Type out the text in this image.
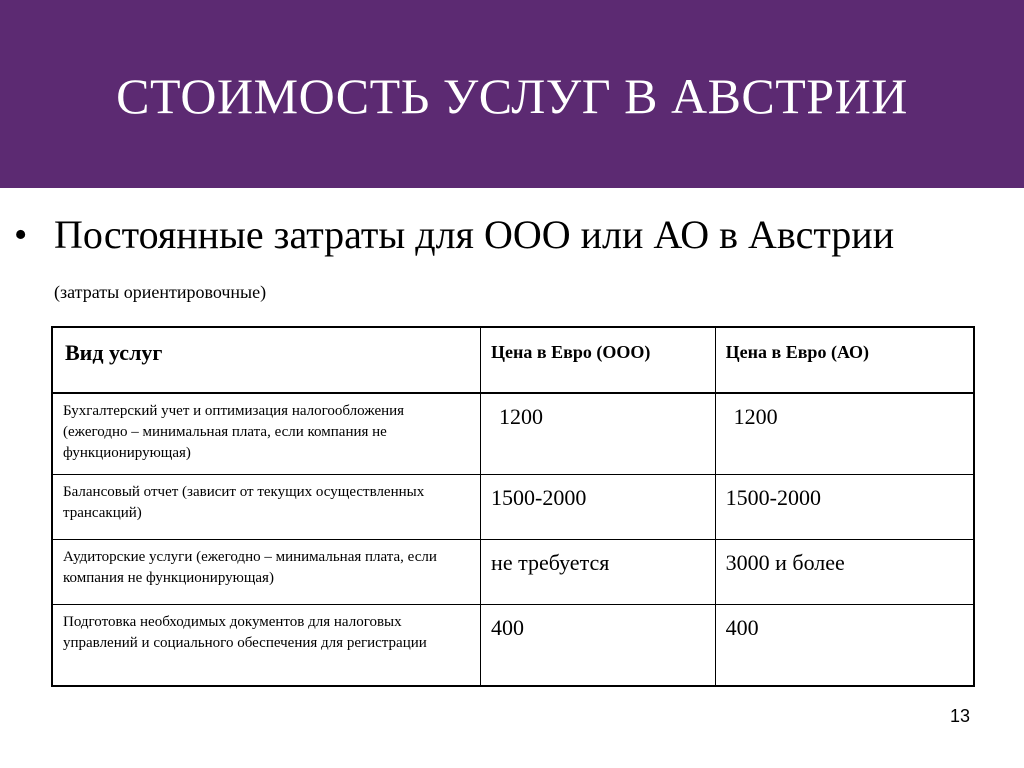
СТОИМОСТЬ УСЛУГ В АВСТРИИ
• Постоянные затраты для ООО или АО в Австрии (затраты ориентировочные)
Вид услуг	Цена в Евро (ООО)	Цена в Евро (АО)

Бухгалтерский учет и оптимизация налогообложения (ежегодно – минимальная плата, если компания не функционирующая)	1200	1200

Балансовый отчет (зависит от текущих осуществленных трансакций)	1500-2000	1500-2000

Аудиторские услуги (ежегодно – минимальная плата, если компания не функционирующая)	не требуется	3000 и более

Подготовка необходимых документов для налоговых управлений и социального обеспечения для регистрации	400	400
13
